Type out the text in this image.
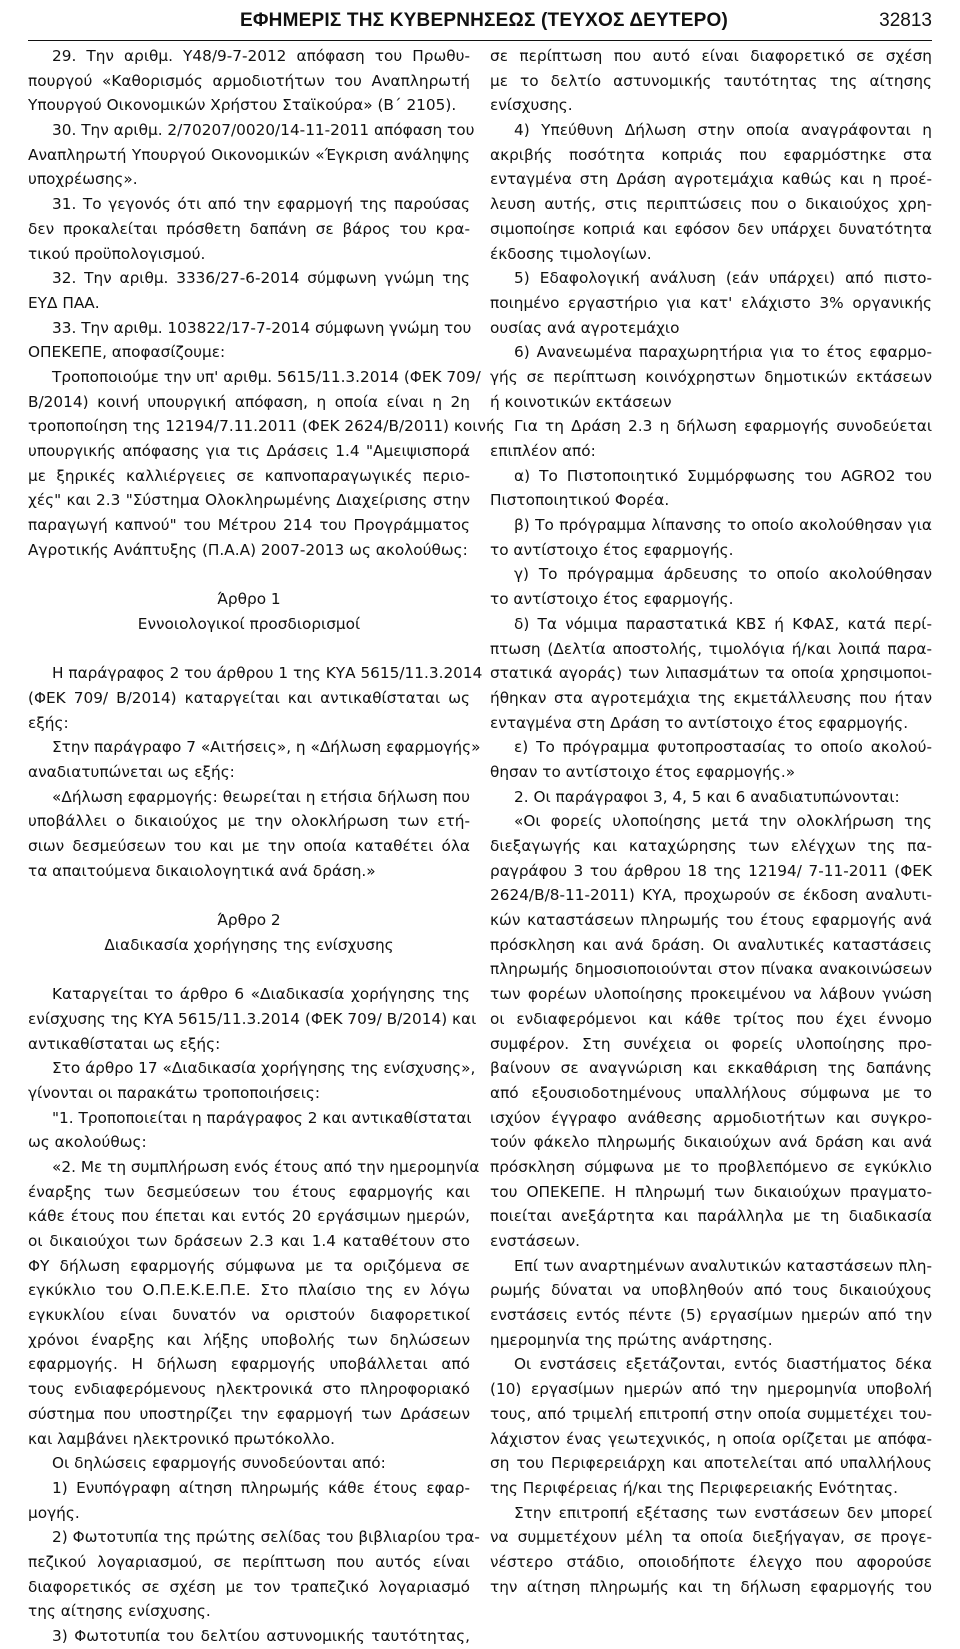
ΕΦΗΜΕΡΙΣ ΤΗΣ ΚΥΒΕΡΝΗΣΕΩΣ (ΤΕΥΧΟΣ ΔΕΥΤΕΡΟ)	32813
29. Την αριθμ. Υ48/9-7-2012 απόφαση του Πρωθυ-
πουργού «Καθορισμός αρμοδιοτήτων του Αναπληρωτή
Υπουργού Οικονομικών Χρήστου Σταϊκούρα» (Β΄ 2105).
30. Την αριθμ. 2/70207/0020/14-11-2011 απόφαση του
Αναπληρωτή Υπουργού Οικονομικών «Έγκριση ανάληψης
υποχρέωσης».
31. Το γεγονός ότι από την εφαρμογή της παρούσας
δεν προκαλείται πρόσθετη δαπάνη σε βάρος του κρα-
τικού προϋπολογισμού.
32. Την αριθμ. 3336/27-6-2014 σύμφωνη γνώμη της
ΕΥΔ ΠΑΑ.
33. Την αριθμ. 103822/17-7-2014 σύμφωνη γνώμη του
ΟΠΕΚΕΠΕ, αποφασίζουμε:
Τροποποιούμε την υπ' αριθμ. 5615/11.3.2014 (ΦΕΚ 709/
Β/2014) κοινή υπουργική απόφαση, η οποία είναι η 2η
τροποποίηση της 12194/7.11.2011 (ΦΕΚ 2624/Β/2011) κοινής
υπουργικής απόφασης για τις Δράσεις 1.4 "Αμειψισπορά
με ξηρικές καλλιέργειες σε καπνοπαραγωγικές περιο-
χές" και 2.3 "Σύστημα Ολοκληρωμένης Διαχείρισης στην
παραγωγή καπνού" του Μέτρου 214 του Προγράμματος
Αγροτικής Ανάπτυξης (Π.Α.Α) 2007-2013 ως ακολούθως:

Άρθρο 1
Εννοιολογικοί προσδιορισμοί

Η παράγραφος 2 του άρθρου 1 της ΚΥΑ 5615/11.3.2014
(ΦΕΚ 709/ Β/2014) καταργείται και αντικαθίσταται ως
εξής:
Στην παράγραφο 7 «Αιτήσεις», η «Δήλωση εφαρμογής»
αναδιατυπώνεται ως εξής:
«Δήλωση εφαρμογής: θεωρείται η ετήσια δήλωση που
υποβάλλει ο δικαιούχος με την ολοκλήρωση των ετή-
σιων δεσμεύσεων του και με την οποία καταθέτει όλα
τα απαιτούμενα δικαιολογητικά ανά δράση.»

Άρθρο 2
Διαδικασία χορήγησης της ενίσχυσης

Καταργείται το άρθρο 6 «Διαδικασία χορήγησης της
ενίσχυσης της ΚΥΑ 5615/11.3.2014 (ΦΕΚ 709/ Β/2014) και
αντικαθίσταται ως εξής:
Στο άρθρο 17 «Διαδικασία χορήγησης της ενίσχυσης»,
γίνονται οι παρακάτω τροποποιήσεις:
"1. Τροποποιείται η παράγραφος 2 και αντικαθίσταται
ως ακολούθως:
«2. Με τη συμπλήρωση ενός έτους από την ημερομηνία
έναρξης των δεσμεύσεων του έτους εφαρμογής και
κάθε έτους που έπεται και εντός 20 εργάσιμων ημερών,
οι δικαιούχοι των δράσεων 2.3 και 1.4 καταθέτουν στο
ΦΥ δήλωση εφαρμογής σύμφωνα με τα οριζόμενα σε
εγκύκλιο του Ο.Π.Ε.Κ.Ε.Π.Ε. Στο πλαίσιο της εν λόγω
εγκυκλίου είναι δυνατόν να οριστούν διαφορετικοί
χρόνοι έναρξης και λήξης υποβολής των δηλώσεων
εφαρμογής. Η δήλωση εφαρμογής υποβάλλεται από
τους ενδιαφερόμενους ηλεκτρονικά στο πληροφοριακό
σύστημα που υποστηρίζει την εφαρμογή των Δράσεων
και λαμβάνει ηλεκτρονικό πρωτόκολλο.
Οι δηλώσεις εφαρμογής συνοδεύονται από:
1) Ενυπόγραφη αίτηση πληρωμής κάθε έτους εφαρ-
μογής.
2) Φωτοτυπία της πρώτης σελίδας του βιβλιαρίου τρα-
πεζικού λογαριασμού, σε περίπτωση που αυτός είναι
διαφορετικός σε σχέση με τον τραπεζικό λογαριασμό
της αίτησης ενίσχυσης.
3) Φωτοτυπία του δελτίου αστυνομικής ταυτότητας,
σε περίπτωση που αυτό είναι διαφορετικό σε σχέση
με το δελτίο αστυνομικής ταυτότητας της αίτησης
ενίσχυσης.
4) Υπεύθυνη Δήλωση στην οποία αναγράφονται η
ακριβής ποσότητα κοπριάς που εφαρμόστηκε στα
ενταγμένα στη Δράση αγροτεμάχια καθώς και η προέ-
λευση αυτής, στις περιπτώσεις που ο δικαιούχος χρη-
σιμοποίησε κοπριά και εφόσον δεν υπάρχει δυνατότητα
έκδοσης τιμολογίων.
5) Εδαφολογική ανάλυση (εάν υπάρχει) από πιστο-
ποιημένο εργαστήριο για κατ' ελάχιστο 3% οργανικής
ουσίας ανά αγροτεμάχιο
6) Ανανεωμένα παραχωρητήρια για το έτος εφαρμο-
γής σε περίπτωση κοινόχρηστων δημοτικών εκτάσεων
ή κοινοτικών εκτάσεων
Για τη Δράση 2.3 η δήλωση εφαρμογής συνοδεύεται
επιπλέον από:
α) Το Πιστοποιητικό Συμμόρφωσης του AGRO2 του
Πιστοποιητικού Φορέα.
β) Το πρόγραμμα λίπανσης το οποίο ακολούθησαν για
το αντίστοιχο έτος εφαρμογής.
γ) Το πρόγραμμα άρδευσης το οποίο ακολούθησαν
το αντίστοιχο έτος εφαρμογής.
δ) Τα νόμιμα παραστατικά ΚΒΣ ή ΚΦΑΣ, κατά περί-
πτωση (Δελτία αποστολής, τιμολόγια ή/και λοιπά παρα-
στατικά αγοράς) των λιπασμάτων τα οποία χρησιμοποι-
ήθηκαν στα αγροτεμάχια της εκμετάλλευσης που ήταν
ενταγμένα στη Δράση το αντίστοιχο έτος εφαρμογής.
ε) Το πρόγραμμα φυτοπροστασίας το οποίο ακολού-
θησαν το αντίστοιχο έτος εφαρμογής.»
2. Οι παράγραφοι 3, 4, 5 και 6 αναδιατυπώνονται:
«Οι φορείς υλοποίησης μετά την ολοκλήρωση της
διεξαγωγής και καταχώρησης των ελέγχων της πα-
ραγράφου 3 του άρθρου 18 της 12194/ 7-11-2011 (ΦΕΚ
2624/Β/8-11-2011) ΚΥΑ, προχωρούν σε έκδοση αναλυτι-
κών καταστάσεων πληρωμής του έτους εφαρμογής ανά
πρόσκληση και ανά δράση. Οι αναλυτικές καταστάσεις
πληρωμής δημοσιοποιούνται στον πίνακα ανακοινώσεων
των φορέων υλοποίησης προκειμένου να λάβουν γνώση
οι ενδιαφερόμενοι και κάθε τρίτος που έχει έννομο
συμφέρον. Στη συνέχεια οι φορείς υλοποίησης προ-
βαίνουν σε αναγνώριση και εκκαθάριση της δαπάνης
από εξουσιοδοτημένους υπαλλήλους σύμφωνα με το
ισχύον έγγραφο ανάθεσης αρμοδιοτήτων και συγκρο-
τούν φάκελο πληρωμής δικαιούχων ανά δράση και ανά
πρόσκληση σύμφωνα με το προβλεπόμενο σε εγκύκλιο
του ΟΠΕΚΕΠΕ. Η πληρωμή των δικαιούχων πραγματο-
ποιείται ανεξάρτητα και παράλληλα με τη διαδικασία
ενστάσεων.
Επί των αναρτημένων αναλυτικών καταστάσεων πλη-
ρωμής δύναται να υποβληθούν από τους δικαιούχους
ενστάσεις εντός πέντε (5) εργασίμων ημερών από την
ημερομηνία της πρώτης ανάρτησης.
Οι ενστάσεις εξετάζονται, εντός διαστήματος δέκα
(10) εργασίμων ημερών από την ημερομηνία υποβολή
τους, από τριμελή επιτροπή στην οποία συμμετέχει του-
λάχιστον ένας γεωτεχνικός, η οποία ορίζεται με απόφα-
ση του Περιφερειάρχη και αποτελείται από υπαλλήλους
της Περιφέρειας ή/και της Περιφερειακής Ενότητας.
Στην επιτροπή εξέτασης των ενστάσεων δεν μπορεί
να συμμετέχουν μέλη τα οποία διεξήγαγαν, σε προγε-
νέστερο στάδιο, οποιοδήποτε έλεγχο που αφορούσε
την αίτηση πληρωμής και τη δήλωση εφαρμογής του
